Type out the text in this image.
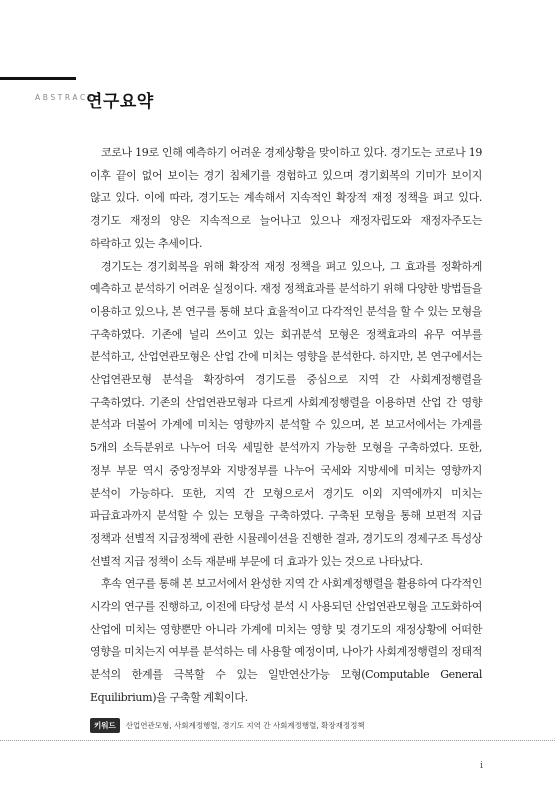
ABSTRACT
연구요약

코로나 19로 인해 예측하기 어려운 경제상황을 맞이하고 있다. 경기도는 코로나 19 이후 끝이 없어 보이는 경기 침체기를 경험하고 있으며 경기회복의 기미가 보이지 않고 있다. 이에 따라, 경기도는 계속해서 지속적인 확장적 재정 정책을 펴고 있다. 경기도 재정의 양은 지속적으로 늘어나고 있으나 재정자립도와 재정자주도는 하락하고 있는 추세이다.

경기도는 경기회복을 위해 확장적 재정 정책을 펴고 있으나, 그 효과를 정확하게 예측하고 분석하기 어려운 실정이다. 재정 정책효과를 분석하기 위해 다양한 방법들을 이용하고 있으나, 본 연구를 통해 보다 효율적이고 다각적인 분석을 할 수 있는 모형을 구축하였다. 기존에 널리 쓰이고 있는 회귀분석 모형은 정책효과의 유무 여부를 분석하고, 산업연관모형은 산업 간에 미치는 영향을 분석한다. 하지만, 본 연구에서는 산업연관모형 분석을 확장하여 경기도를 중심으로 지역 간 사회계정행렬을 구축하였다. 기존의 산업연관모형과 다르게 사회계정행렬을 이용하면 산업 간 영향 분석과 더불어 가계에 미치는 영향까지 분석할 수 있으며, 본 보고서에서는 가계를 5개의 소득분위로 나누어 더욱 세밀한 분석까지 가능한 모형을 구축하였다. 또한, 정부 부문 역시 중앙정부와 지방정부를 나누어 국세와 지방세에 미치는 영향까지 분석이 가능하다. 또한, 지역 간 모형으로서 경기도 이외 지역에까지 미치는 파급효과까지 분석할 수 있는 모형을 구축하였다. 구축된 모형을 통해 보편적 지급 정책과 선별적 지급정책에 관한 시뮬레이션을 진행한 결과, 경기도의 경제구조 특성상 선별적 지급 정책이 소득 재분배 부문에 더 효과가 있는 것으로 나타났다.

후속 연구를 통해 본 보고서에서 완성한 지역 간 사회계정행렬을 활용하여 다각적인 시각의 연구를 진행하고, 이전에 타당성 분석 시 사용되던 산업연관모형을 고도화하여 산업에 미치는 영향뿐만 아니라 가계에 미치는 영향 및 경기도의 재정상황에 어떠한 영향을 미치는지 여부를 분석하는 데 사용할 예정이며, 나아가 사회계정행렬의 정태적 분석의 한계를 극복할 수 있는 일반연산가능 모형(Computable General Equilibrium)을 구축할 계획이다.

키워드	산업연관모형, 사회계정행렬, 경기도 지역 간 사회계정행렬, 확장재정정책
i
